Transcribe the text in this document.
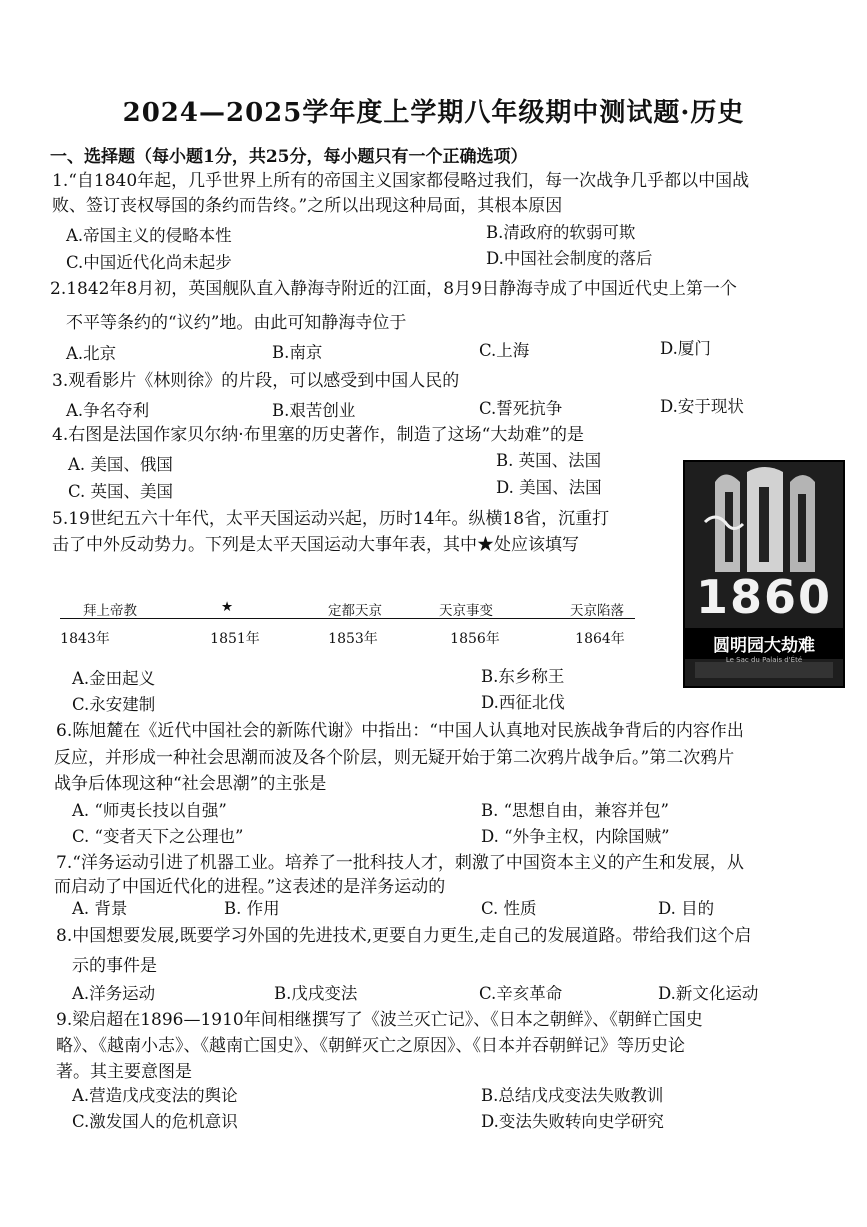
2024—2025学年度上学期八年级期中测试题·历史
一、选择题（每小题1分，共25分，每小题只有一个正确选项）
1.“自1840年起，几乎世界上所有的帝国主义国家都侵略过我们，每一次战争几乎都以中国战
败、签订丧权辱国的条约而告终。”之所以出现这种局面，其根本原因
A.帝国主义的侵略本性	B.清政府的软弱可欺
C.中国近代化尚未起步	D.中国社会制度的落后
2.1842年8月初，英国舰队直入静海寺附近的江面，8月9日静海寺成了中国近代史上第一个
不平等条约的“议约”地。由此可知静海寺位于
A.北京	B.南京	C.上海	D.厦门
3.观看影片《林则徐》的片段，可以感受到中国人民的
A.争名夺利	B.艰苦创业	C.誓死抗争	D.安于现状
4.右图是法国作家贝尔纳·布里塞的历史著作，制造了这场“大劫难”的是
A. 美国、俄国	B. 英国、法国
C. 英国、美国	D. 美国、法国
1860
圆明园大劫难
Le Sac du Palais d'Été
5.19世纪五六十年代，太平天国运动兴起，历时14年。纵横18省，沉重打
击了中外反动势力。下列是太平天国运动大事年表，其中★处应该填写
拜上帝教	★	定都天京	天京事变	天京陷落
1843年	1851年	1853年	1856年	1864年
A.金田起义	B.东乡称王
C.永安建制	D.西征北伐
6.陈旭麓在《近代中国社会的新陈代谢》中指出：“中国人认真地对民族战争背后的内容作出
反应，并形成一种社会思潮而波及各个阶层，则无疑开始于第二次鸦片战争后。”第二次鸦片
战争后体现这种“社会思潮”的主张是
A. “师夷长技以自强”	B. “思想自由，兼容并包”
C. “变者天下之公理也”	D. “外争主权，内除国贼”
7.“洋务运动引进了机器工业。培养了一批科技人才，刺激了中国资本主义的产生和发展，从
而启动了中国近代化的进程。”这表述的是洋务运动的
A. 背景	B. 作用	C. 性质	D. 目的
8.中国想要发展,既要学习外国的先进技术,更要自力更生,走自己的发展道路。带给我们这个启
示的事件是
A.洋务运动	B.戊戌变法	C.辛亥革命	D.新文化运动
9.梁启超在1896—1910年间相继撰写了《波兰灭亡记》、《日本之朝鲜》、《朝鲜亡国史
略》、《越南小志》、《越南亡国史》、《朝鲜灭亡之原因》、《日本并吞朝鲜记》等历史论
著。其主要意图是
A.营造戊戌变法的舆论	B.总结戊戌变法失败教训
C.激发国人的危机意识	D.变法失败转向史学研究
